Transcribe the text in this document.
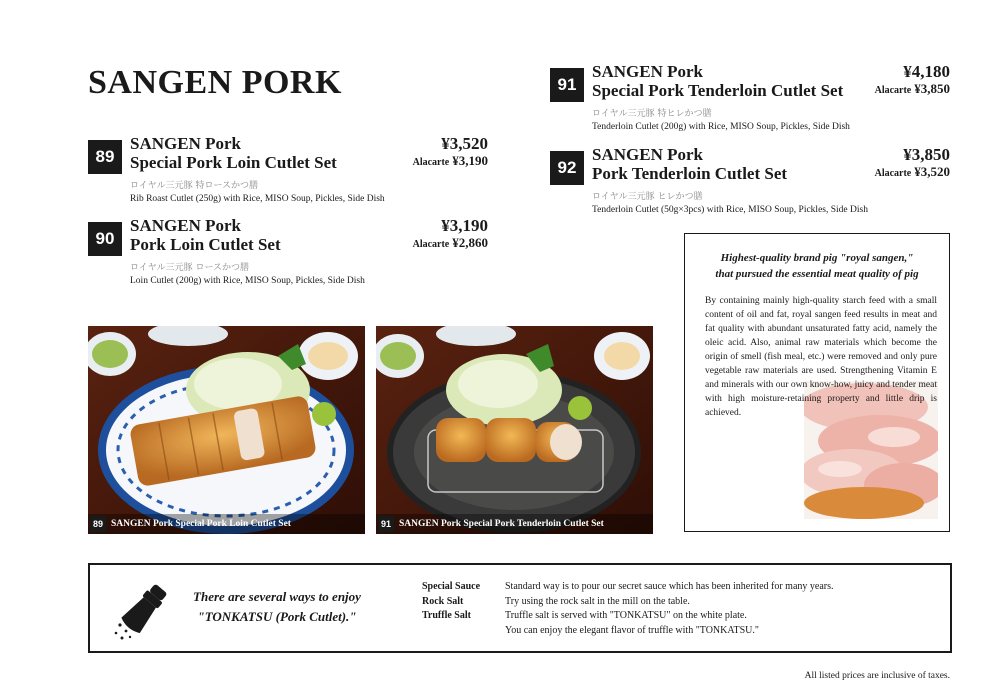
SANGEN PORK
89
SANGEN Pork
Special Pork Loin Cutlet Set
¥3,520
Alacarte ¥3,190
ロイヤル三元豚 特ロースかつ膳
Rib Roast Cutlet (250g) with Rice, MISO Soup, Pickles, Side Dish
90
SANGEN Pork
Pork Loin Cutlet Set
¥3,190
Alacarte ¥2,860
ロイヤル三元豚 ロースかつ膳
Loin Cutlet (200g) with Rice, MISO Soup, Pickles, Side Dish
91
SANGEN Pork
Special Pork Tenderloin Cutlet Set
¥4,180
Alacarte ¥3,850
ロイヤル三元豚 特ヒレかつ膳
Tenderloin Cutlet (200g) with Rice, MISO Soup, Pickles, Side Dish
92
SANGEN Pork
Pork Tenderloin Cutlet Set
¥3,850
Alacarte ¥3,520
ロイヤル三元豚 ヒレかつ膳
Tenderloin Cutlet (50g×3pcs) with Rice, MISO Soup, Pickles, Side Dish
89 SANGEN Pork Special Pork Loin Cutlet Set	91 SANGEN Pork Special Pork Tenderloin Cutlet Set
Highest-quality brand pig "royal sangen,"
that pursued the essential meat quality of pig
By containing mainly high-quality starch feed with a small content of oil and fat, royal sangen feed results in meat and fat quality with abundant unsaturated fatty acid, namely the oleic acid. Also, animal raw materials which become the origin of smell (fish meal, etc.) were removed and only pure vegetable raw materials are used. Strengthening Vitamin E and minerals with our own know-how, juicy and tender meat with high moisture-retaining property and little drip is achieved.
There are several ways to enjoy
"TONKATSU (Pork Cutlet)."
Special Sauce	Standard way is to pour our secret sauce which has been inherited for many years.
Rock Salt	Try using the rock salt in the mill on the table.
Truffle Salt	Truffle salt is served with "TONKATSU" on the white plate.
You can enjoy the elegant flavor of truffle with "TONKATSU."
All listed prices are inclusive of taxes.
